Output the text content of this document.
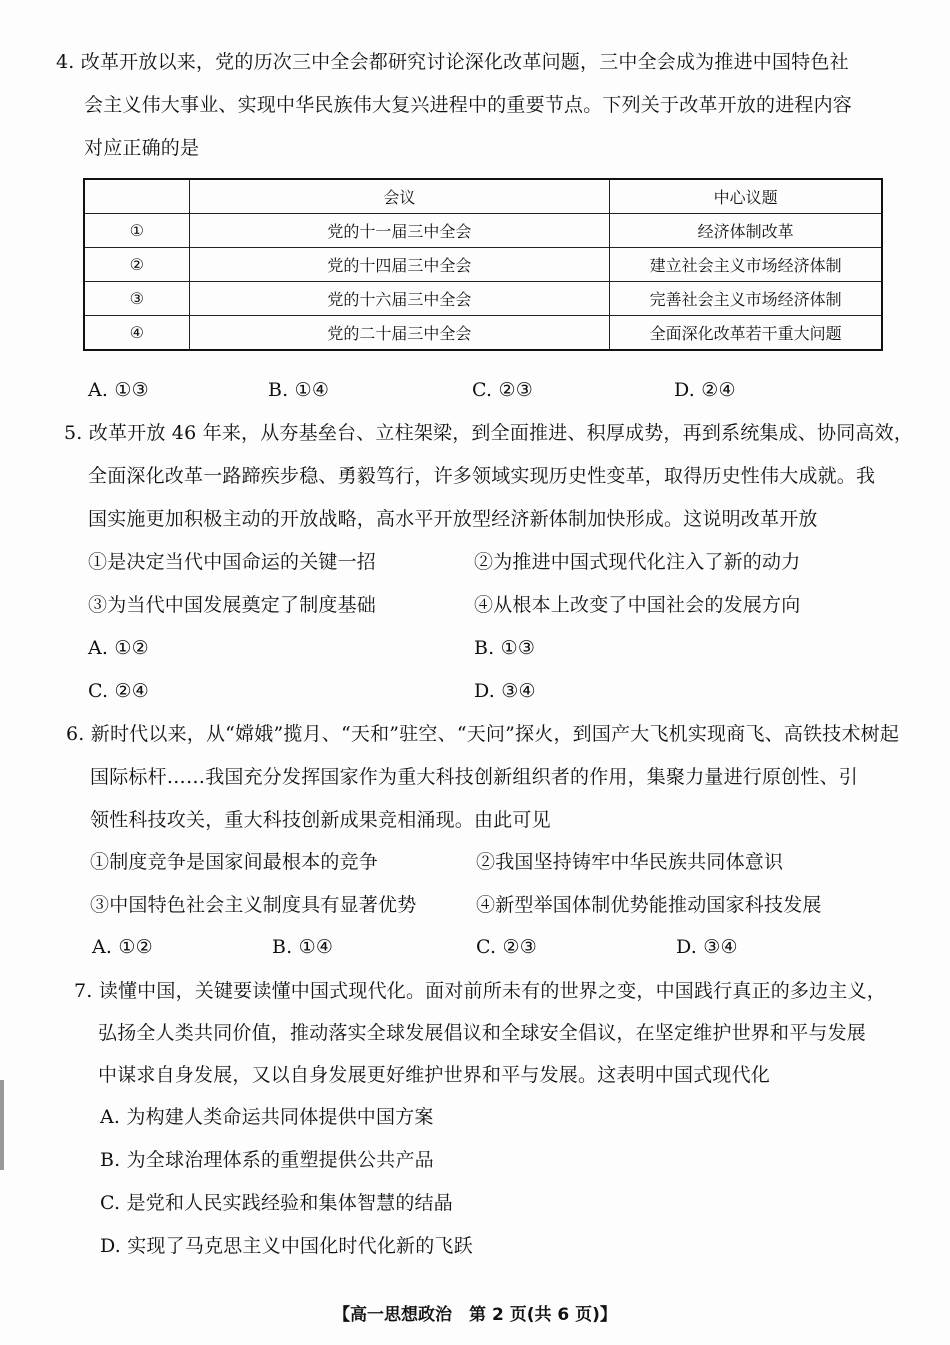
4. 改革开放以来，党的历次三中全会都研究讨论深化改革问题，三中全会成为推进中国特色社
会主义伟大事业、实现中华民族伟大复兴进程中的重要节点。下列关于改革开放的进程内容
对应正确的是
	会议	中心议题
①	党的十一届三中全会	经济体制改革
②	党的十四届三中全会	建立社会主义市场经济体制
③	党的十六届三中全会	完善社会主义市场经济体制
④	党的二十届三中全会	全面深化改革若干重大问题
A. ①③	B. ①④	C. ②③	D. ②④
5. 改革开放 46 年来，从夯基垒台、立柱架梁，到全面推进、积厚成势，再到系统集成、协同高效，
全面深化改革一路蹄疾步稳、勇毅笃行，许多领域实现历史性变革，取得历史性伟大成就。我
国实施更加积极主动的开放战略，高水平开放型经济新体制加快形成。这说明改革开放
①是决定当代中国命运的关键一招	②为推进中国式现代化注入了新的动力
③为当代中国发展奠定了制度基础	④从根本上改变了中国社会的发展方向
A. ①②	B. ①③
C. ②④	D. ③④
6. 新时代以来，从“嫦娥”揽月、“天和”驻空、“天问”探火，到国产大飞机实现商飞、高铁技术树起
国际标杆……我国充分发挥国家作为重大科技创新组织者的作用，集聚力量进行原创性、引
领性科技攻关，重大科技创新成果竞相涌现。由此可见
①制度竞争是国家间最根本的竞争	②我国坚持铸牢中华民族共同体意识
③中国特色社会主义制度具有显著优势	④新型举国体制优势能推动国家科技发展
A. ①②	B. ①④	C. ②③	D. ③④
7. 读懂中国，关键要读懂中国式现代化。面对前所未有的世界之变，中国践行真正的多边主义，
弘扬全人类共同价值，推动落实全球发展倡议和全球安全倡议，在坚定维护世界和平与发展
中谋求自身发展，又以自身发展更好维护世界和平与发展。这表明中国式现代化
A. 为构建人类命运共同体提供中国方案
B. 为全球治理体系的重塑提供公共产品
C. 是党和人民实践经验和集体智慧的结晶
D. 实现了马克思主义中国化时代化新的飞跃
【高一思想政治　第 2 页(共 6 页)】
